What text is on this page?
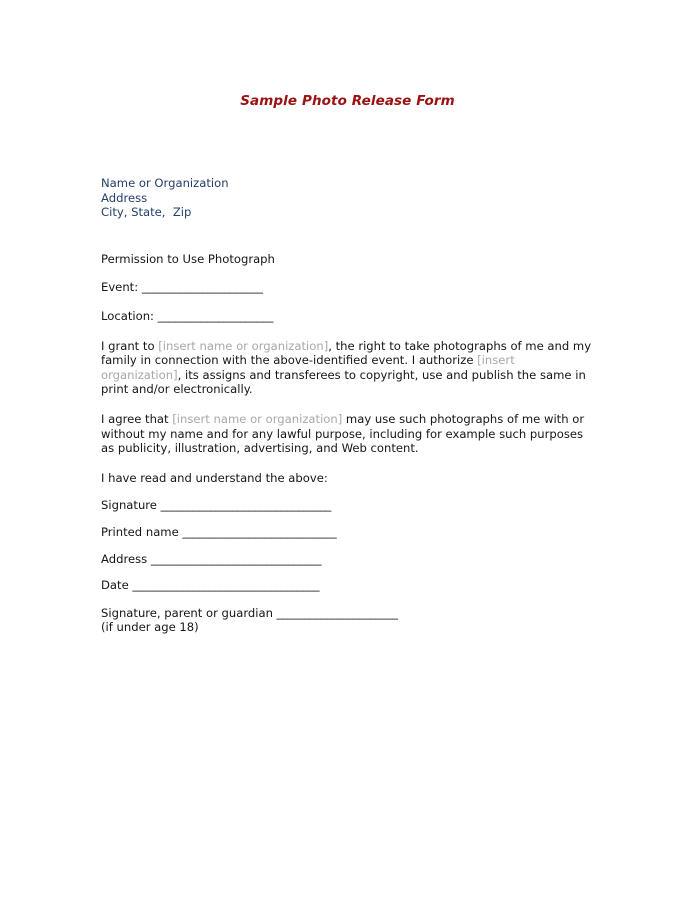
Sample Photo Release Form
Name or Organization
Address
City, State,  Zip
Permission to Use Photograph
Event: ______________________
Location: _____________________
I grant to [insert name or organization], the right to take photographs of me and my family in connection with the above-identified event. I authorize [insert organization], its assigns and transferees to copyright, use and publish the same in print and/or electronically.
I agree that [insert name or organization] may use such photographs of me with or without my name and for any lawful purpose, including for example such purposes as publicity, illustration, advertising, and Web content.
I have read and understand the above:
Signature _______________________________
Printed name ____________________________
Address _______________________________
Date __________________________________
Signature, parent or guardian ______________________
(if under age 18)
